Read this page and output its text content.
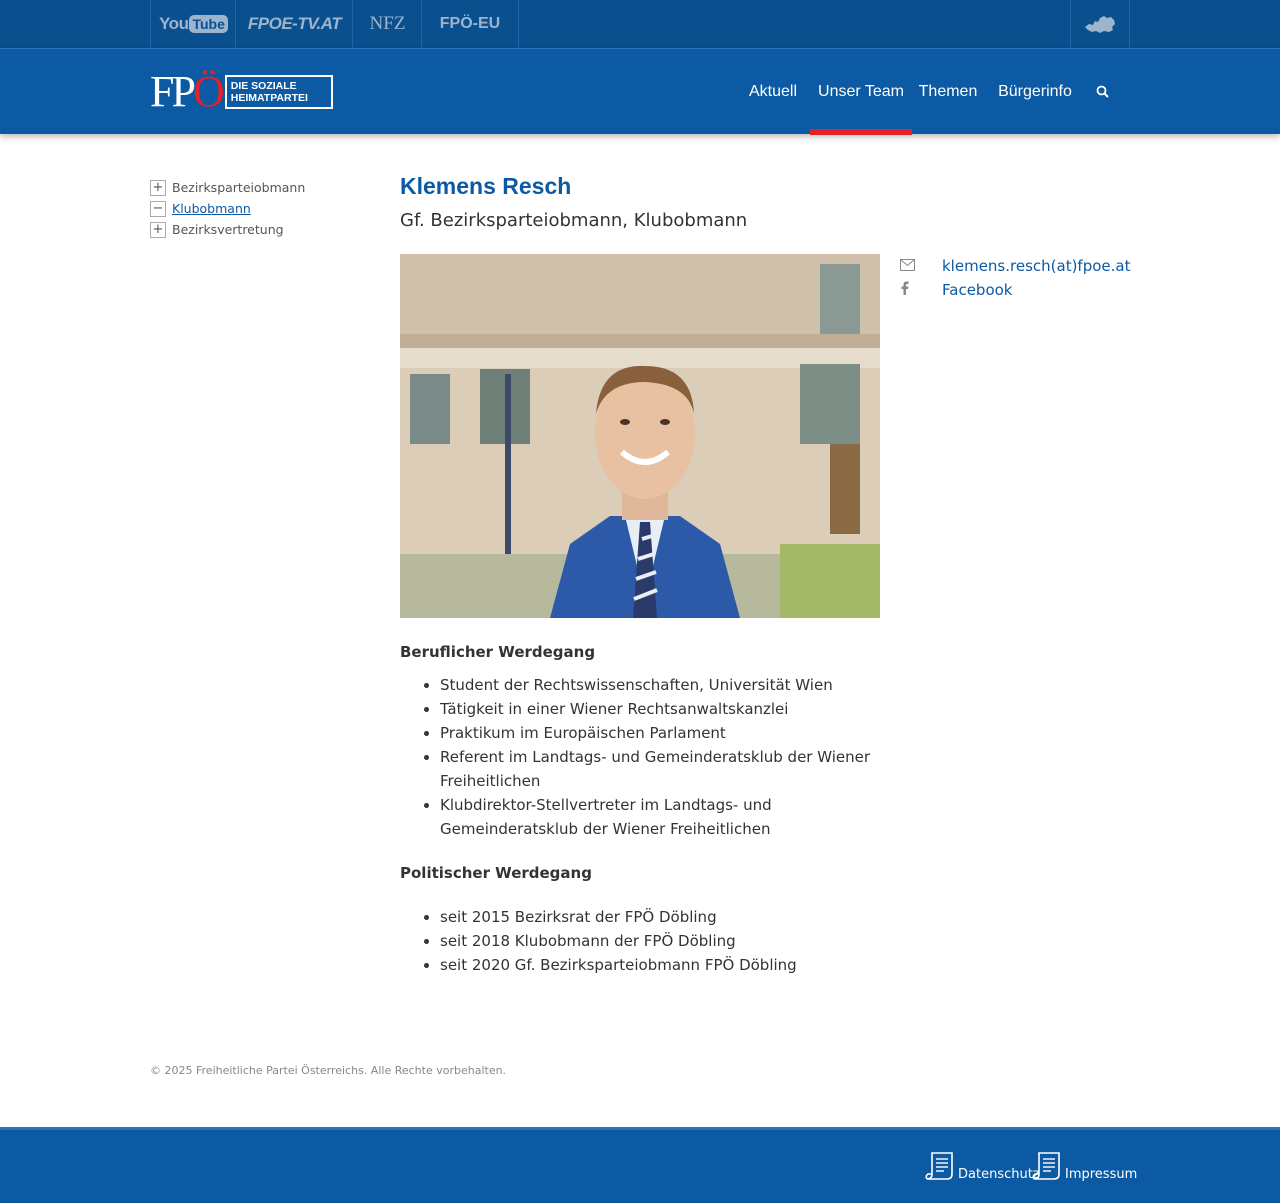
You Tube	FPOE-TV.AT	NFZ	FPÖ-EU
FPÖ DIE SOZIALE
HEIMATPARTEI	Aktuell	Unser Team Themen Bürgerinfo
+ Bezirksparteiobmann
− Klubobmann
+ Bezirksvertretung
Klemens Resch
Gf. Bezirksparteiobmann, Klubobmann
klemens.resch(at)fpoe.at
Facebook
Beruflicher Werdegang
• Student der Rechtswissenschaften, Universität Wien
• Tätigkeit in einer Wiener Rechtsanwaltskanzlei
• Praktikum im Europäischen Parlament
• Referent im Landtags- und Gemeinderatsklub der Wiener Freiheitlichen
• Klubdirektor-Stellvertreter im Landtags- und Gemeinderatsklub der Wiener Freiheitlichen
Politischer Werdegang
• seit 2015 Bezirksrat der FPÖ Döbling
• seit 2018 Klubobmann der FPÖ Döbling
• seit 2020 Gf. Bezirksparteiobmann FPÖ Döbling
© 2025 Freiheitliche Partei Österreichs. Alle Rechte vorbehalten.
Datenschutz Impressum
